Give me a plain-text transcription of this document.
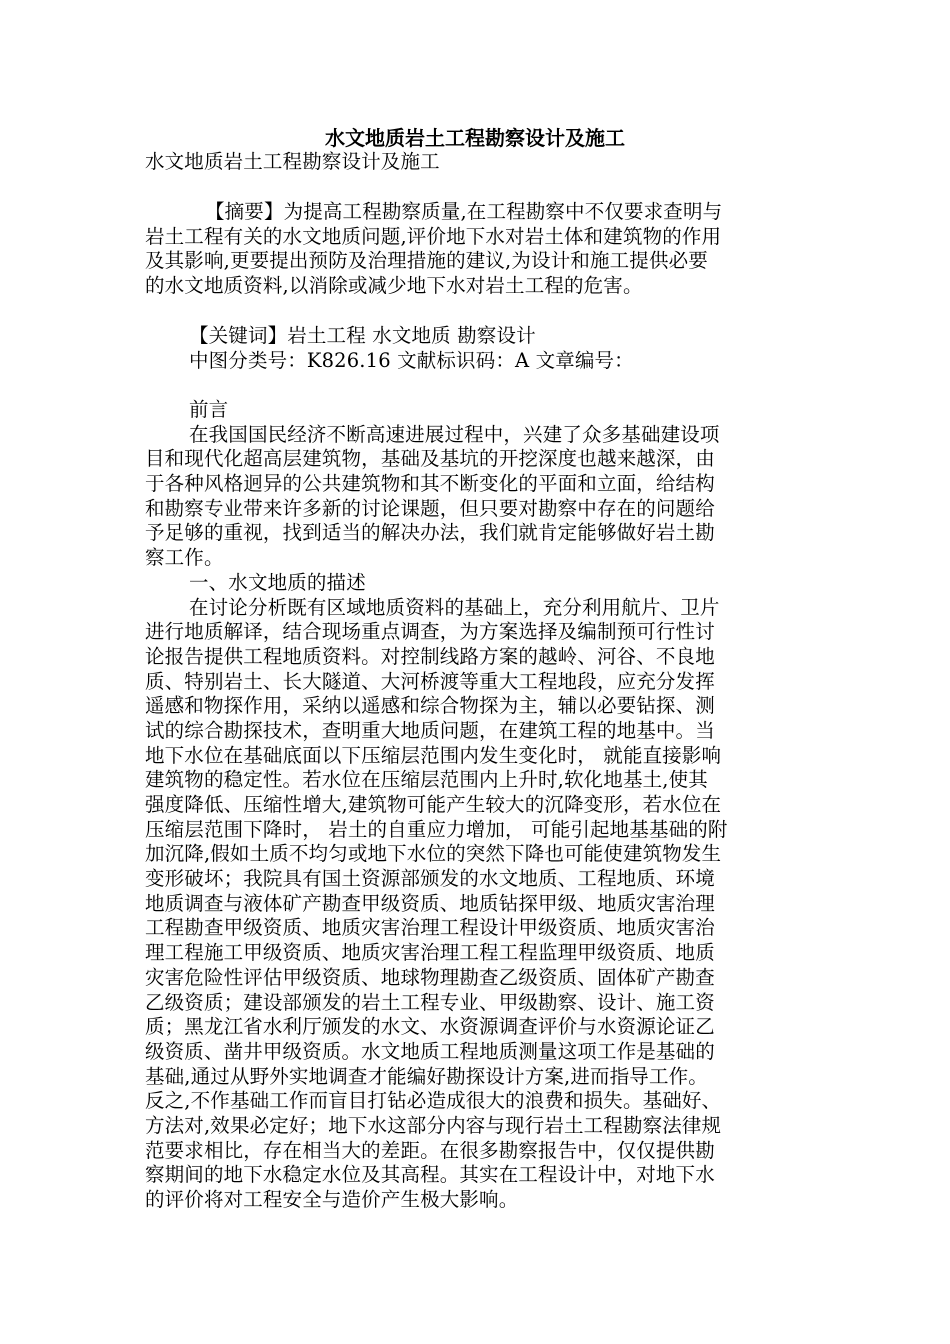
水文地质岩土工程勘察设计及施工
水文地质岩土工程勘察设计及施工
【摘要】为提高工程勘察质量,在工程勘察中不仅要求查明与
岩土工程有关的水文地质问题,评价地下水对岩土体和建筑物的作用
及其影响,更要提出预防及治理措施的建议,为设计和施工提供必要
的水文地质资料,以消除或减少地下水对岩土工程的危害。
【关键词】岩土工程 水文地质 勘察设计
中图分类号：K826.16 文献标识码：A 文章编号：
前言
在我国国民经济不断高速进展过程中，兴建了众多基础建设项
目和现代化超高层建筑物，基础及基坑的开挖深度也越来越深，由
于各种风格迥异的公共建筑物和其不断变化的平面和立面，给结构
和勘察专业带来许多新的讨论课题，但只要对勘察中存在的问题给
予足够的重视，找到适当的解决办法，我们就肯定能够做好岩土勘
察工作。
一、水文地质的描述
在讨论分析既有区域地质资料的基础上，充分利用航片、卫片
进行地质解译，结合现场重点调查，为方案选择及编制预可行性讨
论报告提供工程地质资料。对控制线路方案的越岭、河谷、不良地
质、特别岩土、长大隧道、大河桥渡等重大工程地段，应充分发挥
遥感和物探作用，采纳以遥感和综合物探为主，辅以必要钻探、测
试的综合勘探技术，查明重大地质问题，在建筑工程的地基中。当
地下水位在基础底面以下压缩层范围内发生变化时， 就能直接影响
建筑物的稳定性。若水位在压缩层范围内上升时,软化地基土,使其
强度降低、压缩性增大,建筑物可能产生较大的沉降变形，若水位在
压缩层范围下降时， 岩土的自重应力增加， 可能引起地基基础的附
加沉降,假如土质不均匀或地下水位的突然下降也可能使建筑物发生
变形破坏；我院具有国土资源部颁发的水文地质、工程地质、环境
地质调查与液体矿产勘查甲级资质、地质钻探甲级、地质灾害治理
工程勘查甲级资质、地质灾害治理工程设计甲级资质、地质灾害治
理工程施工甲级资质、地质灾害治理工程工程监理甲级资质、地质
灾害危险性评估甲级资质、地球物理勘查乙级资质、固体矿产勘查
乙级资质；建设部颁发的岩土工程专业、甲级勘察、设计、施工资
质；黑龙江省水利厅颁发的水文、水资源调查评价与水资源论证乙
级资质、凿井甲级资质。水文地质工程地质测量这项工作是基础的
基础,通过从野外实地调查才能编好勘探设计方案,进而指导工作。
反之,不作基础工作而盲目打钻必造成很大的浪费和损失。基础好、
方法对,效果必定好；地下水这部分内容与现行岩土工程勘察法律规
范要求相比，存在相当大的差距。在很多勘察报告中，仅仅提供勘
察期间的地下水稳定水位及其高程。其实在工程设计中，对地下水
的评价将对工程安全与造价产生极大影响。
